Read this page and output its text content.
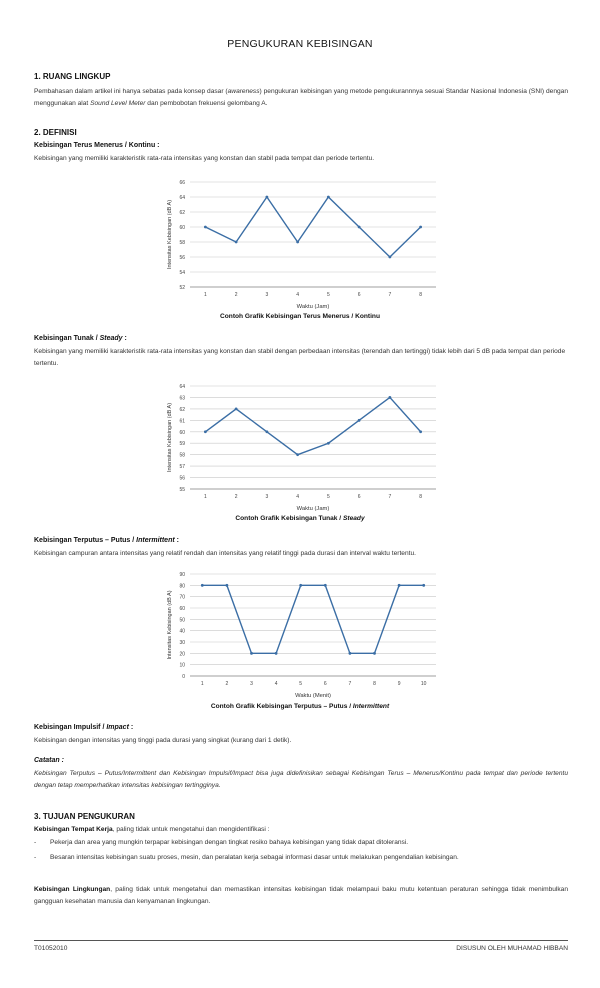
PENGUKURAN KEBISINGAN
1. RUANG LINGKUP
Pembahasan dalam artikel ini hanya sebatas pada konsep dasar (awareness) pengukuran kebisingan yang metode pengukurannnya sesuai Standar Nasional Indonesia (SNI) dengan menggunakan alat Sound Level Meter dan pembobotan frekuensi gelombang A.
2. DEFINISI
Kebisingan Terus Menerus / Kontinu :
Kebisingan yang memiliki karakteristik rata-rata intensitas yang konstan dan stabil pada tempat dan periode tertentu.
52
54
56
58
60
62
64
66
1	2	3	4	5	6	7	8
Waktu (Jam)
Intensitas Kebisingan (dB A)
Contoh Grafik Kebisingan Terus Menerus / Kontinu
Kebisingan Tunak / Steady :
Kebisingan yang memiliki karakteristik rata-rata intensitas yang konstan dan stabil dengan perbedaan intensitas (terendah dan tertinggi) tidak lebih dari 5 dB pada tempat dan periode tertentu.
55
56
57
58
59
60
61
62
63
64
1	2	3	4	5	6	7	8
Waktu (Jam)
Intensitas Kebisingan (dB A)
Contoh Grafik Kebisingan Tunak / Steady
Kebisingan Terputus – Putus / Intermittent :
Kebisingan campuran antara intensitas yang relatif rendah dan intensitas yang relatif tinggi pada durasi dan interval waktu tertentu.
0
10
20
30
40
50
60
70
80
90
1	2	3	4	5	6	7	8	9	10
Waktu (Menit)
Intensitas Kebisingan (dB A)
Contoh Grafik Kebisingan Terputus – Putus / Intermittent
Kebisingan Impulsif / Impact :
Kebisingan dengan intensitas yang tinggi pada durasi yang singkat (kurang dari 1 detik).
Catatan :
Kebisingan Terputus – Putus/Intermittent dan Kebisingan Impulsif/Impact bisa juga didefinisikan sebagai Kebisingan Terus – Menerus/Kontinu pada tempat dan periode tertentu dengan tetap memperhatikan intensitas kebisingan tertingginya.
3. TUJUAN PENGUKURAN
Kebisingan Tempat Kerja, paling tidak untuk mengetahui dan mengidentifikasi :
- Pekerja dan area yang mungkin terpapar kebisingan dengan tingkat resiko bahaya kebisingan yang tidak dapat ditoleransi.
- Besaran intensitas kebisingan suatu proses, mesin, dan peralatan kerja sebagai informasi dasar untuk melakukan pengendalian kebisingan.
Kebisingan Lingkungan, paling tidak untuk mengetahui dan memastikan intensitas kebisingan tidak melampaui baku mutu ketentuan peraturan sehingga tidak menimbulkan gangguan kesehatan manusia dan kenyamanan lingkungan.
T01052010	DISUSUN OLEH MUHAMAD HIBBAN
